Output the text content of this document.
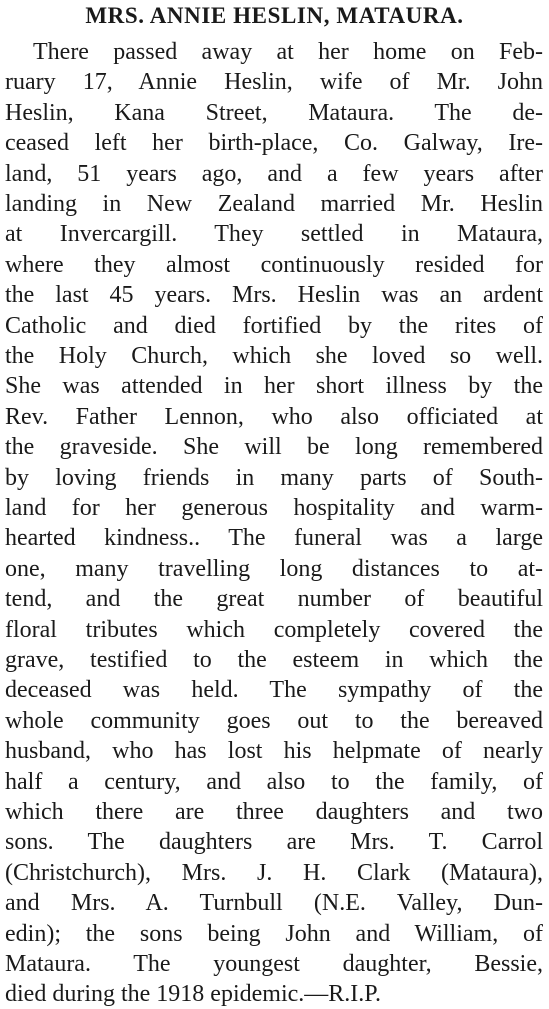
MRS. ANNIE HESLIN, MATAURA.
There passed away at her home on Feb-
ruary 17, Annie Heslin, wife of Mr. John
Heslin, Kana Street, Mataura. The de-
ceased left her birth-place, Co. Galway, Ire-
land, 51 years ago, and a few years after
landing in New Zealand married Mr. Heslin
at Invercargill. They settled in Mataura,
where they almost continuously resided for
the last 45 years. Mrs. Heslin was an ardent
Catholic and died fortified by the rites of
the Holy Church, which she loved so well.
She was attended in her short illness by the
Rev. Father Lennon, who also officiated at
the graveside. She will be long remembered
by loving friends in many parts of South-
land for her generous hospitality and warm-
hearted kindness.. The funeral was a large
one, many travelling long distances to at-
tend, and the great number of beautiful
floral tributes which completely covered the
grave, testified to the esteem in which the
deceased was held. The sympathy of the
whole community goes out to the bereaved
husband, who has lost his helpmate of nearly
half a century, and also to the family, of
which there are three daughters and two
sons. The daughters are Mrs. T. Carrol
(Christchurch), Mrs. J. H. Clark (Mataura),
and Mrs. A. Turnbull (N.E. Valley, Dun-
edin); the sons being John and William, of
Mataura. The youngest daughter, Bessie,
died during the 1918 epidemic.—R.I.P.
